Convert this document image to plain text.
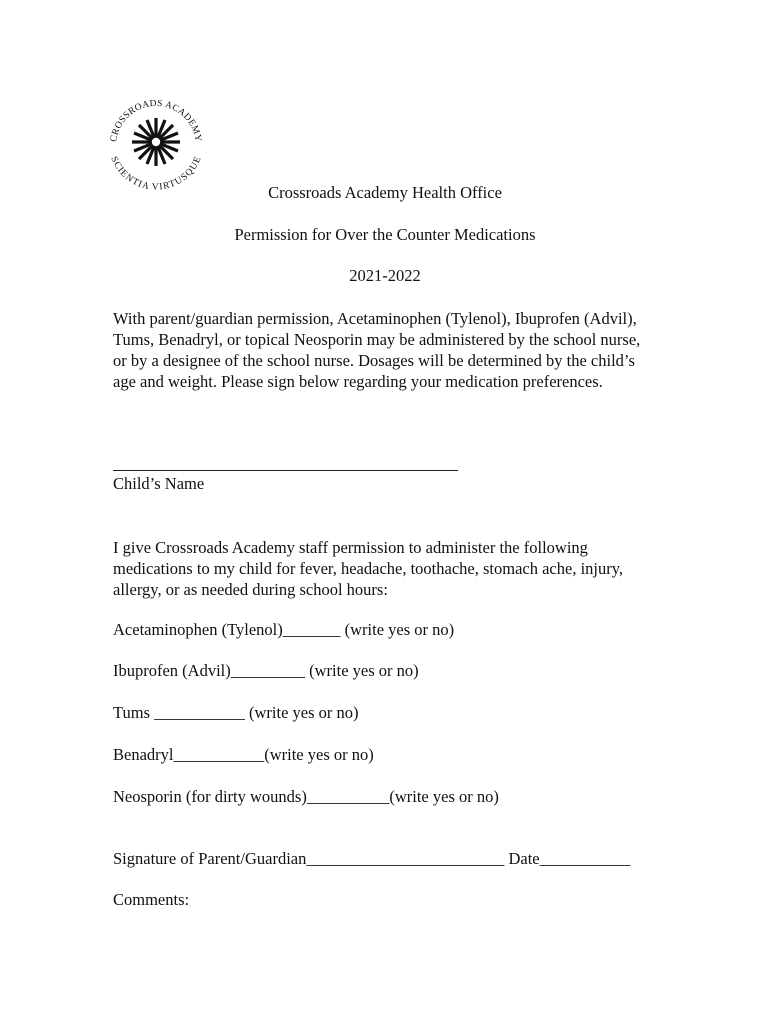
CROSSROADS ACADEMY
SCIENTIA VIRTUSQUE
Crossroads Academy Health Office
Permission for Over the Counter Medications
2021-2022
With parent/guardian permission, Acetaminophen (Tylenol), Ibuprofen (Advil), Tums, Benadryl, or topical Neosporin may be administered by the school nurse, or by a designee of the school nurse. Dosages will be determined by the child’s age and weight. Please sign below regarding your medication preferences.
Child’s Name
I give Crossroads Academy staff permission to administer the following medications to my child for fever, headache, toothache, stomach ache, injury, allergy, or as needed during school hours:
Acetaminophen (Tylenol)_______ (write yes or no)
Ibuprofen (Advil)_________ (write yes or no)
Tums ___________ (write yes or no)
Benadryl___________(write yes or no)
Neosporin (for dirty wounds)__________(write yes or no)
Signature of Parent/Guardian________________________ Date___________
Comments:
